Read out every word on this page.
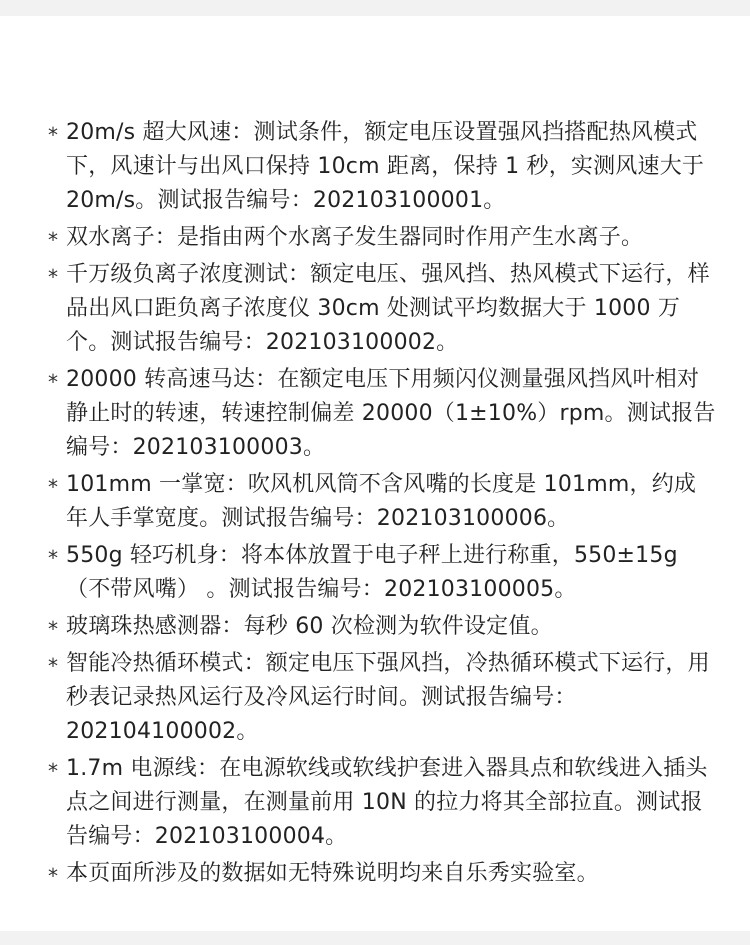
* 20m/s 超大风速：测试条件，额定电压设置强风挡搭配热风模式下，风速计与出风口保持 10cm 距离，保持 1 秒，实测风速大于 20m/s。测试报告编号：202103100001。
* 双水离子：是指由两个水离子发生器同时作用产生水离子。
* 千万级负离子浓度测试：额定电压、强风挡、热风模式下运行，样品出风口距负离子浓度仪 30cm 处测试平均数据大于 1000 万个。测试报告编号：202103100002。
* 20000 转高速马达：在额定电压下用频闪仪测量强风挡风叶相对静止时的转速，转速控制偏差 20000（1±10%）rpm。测试报告编号：202103100003。
* 101mm 一掌宽：吹风机风筒不含风嘴的长度是 101mm，约成年人手掌宽度。测试报告编号：202103100006。
* 550g 轻巧机身：将本体放置于电子秤上进行称重，550±15g（不带风嘴） 。测试报告编号：202103100005。
* 玻璃珠热感测器：每秒 60 次检测为软件设定值。
* 智能冷热循环模式：额定电压下强风挡，冷热循环模式下运行，用秒表记录热风运行及冷风运行时间。测试报告编号：202104100002。
* 1.7m 电源线：在电源软线或软线护套进入器具点和软线进入插头点之间进行测量，在测量前用 10N 的拉力将其全部拉直。测试报告编号：202103100004。
* 本页面所涉及的数据如无特殊说明均来自乐秀实验室。
